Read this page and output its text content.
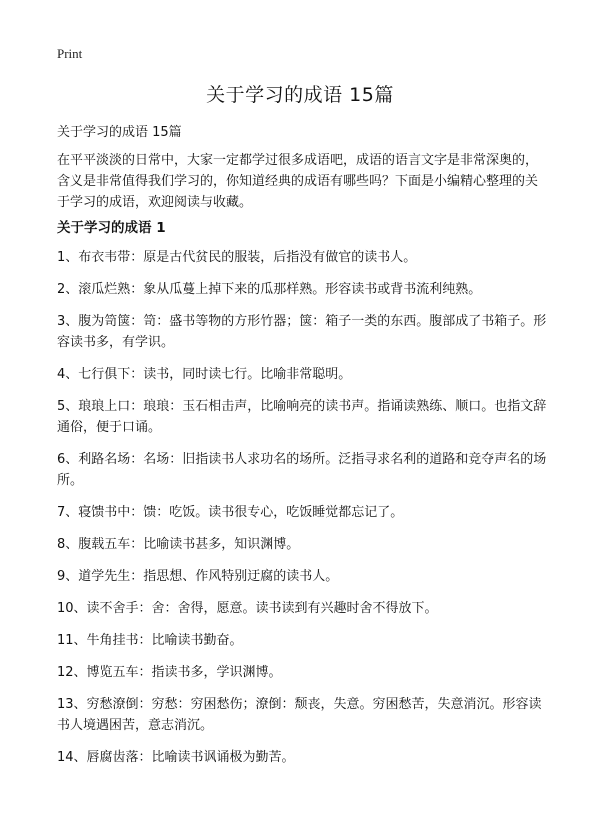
Print
关于学习的成语 15篇

关于学习的成语 15篇

在平平淡淡的日常中，大家一定都学过很多成语吧，成语的语言文字是非常深奥的，含义是非常值得我们学习的，你知道经典的成语有哪些吗？下面是小编精心整理的关于学习的成语，欢迎阅读与收藏。

关于学习的成语 1
1、布衣韦带：原是古代贫民的服装，后指没有做官的读书人。
2、滚瓜烂熟：象从瓜蔓上掉下来的瓜那样熟。形容读书或背书流利纯熟。
3、腹为笥箧：笥：盛书等物的方形竹器；箧：箱子一类的东西。腹部成了书箱子。形容读书多，有学识。
4、七行俱下：读书，同时读七行。比喻非常聪明。
5、琅琅上口：琅琅：玉石相击声，比喻响亮的读书声。指诵读熟练、顺口。也指文辞通俗，便于口诵。
6、利路名场：名场：旧指读书人求功名的场所。泛指寻求名利的道路和竞夺声名的场所。
7、寝馈书中：馈：吃饭。读书很专心，吃饭睡觉都忘记了。
8、腹载五车：比喻读书甚多，知识渊博。
9、道学先生：指思想、作风特别迂腐的读书人。
10、读不舍手：舍：舍得，愿意。读书读到有兴趣时舍不得放下。
11、牛角挂书：比喻读书勤奋。
12、博览五车：指读书多，学识渊博。
13、穷愁潦倒：穷愁：穷困愁伤；潦倒：颓丧，失意。穷困愁苦，失意消沉。形容读书人境遇困苦，意志消沉。
14、唇腐齿落：比喻读书讽诵极为勤苦。
